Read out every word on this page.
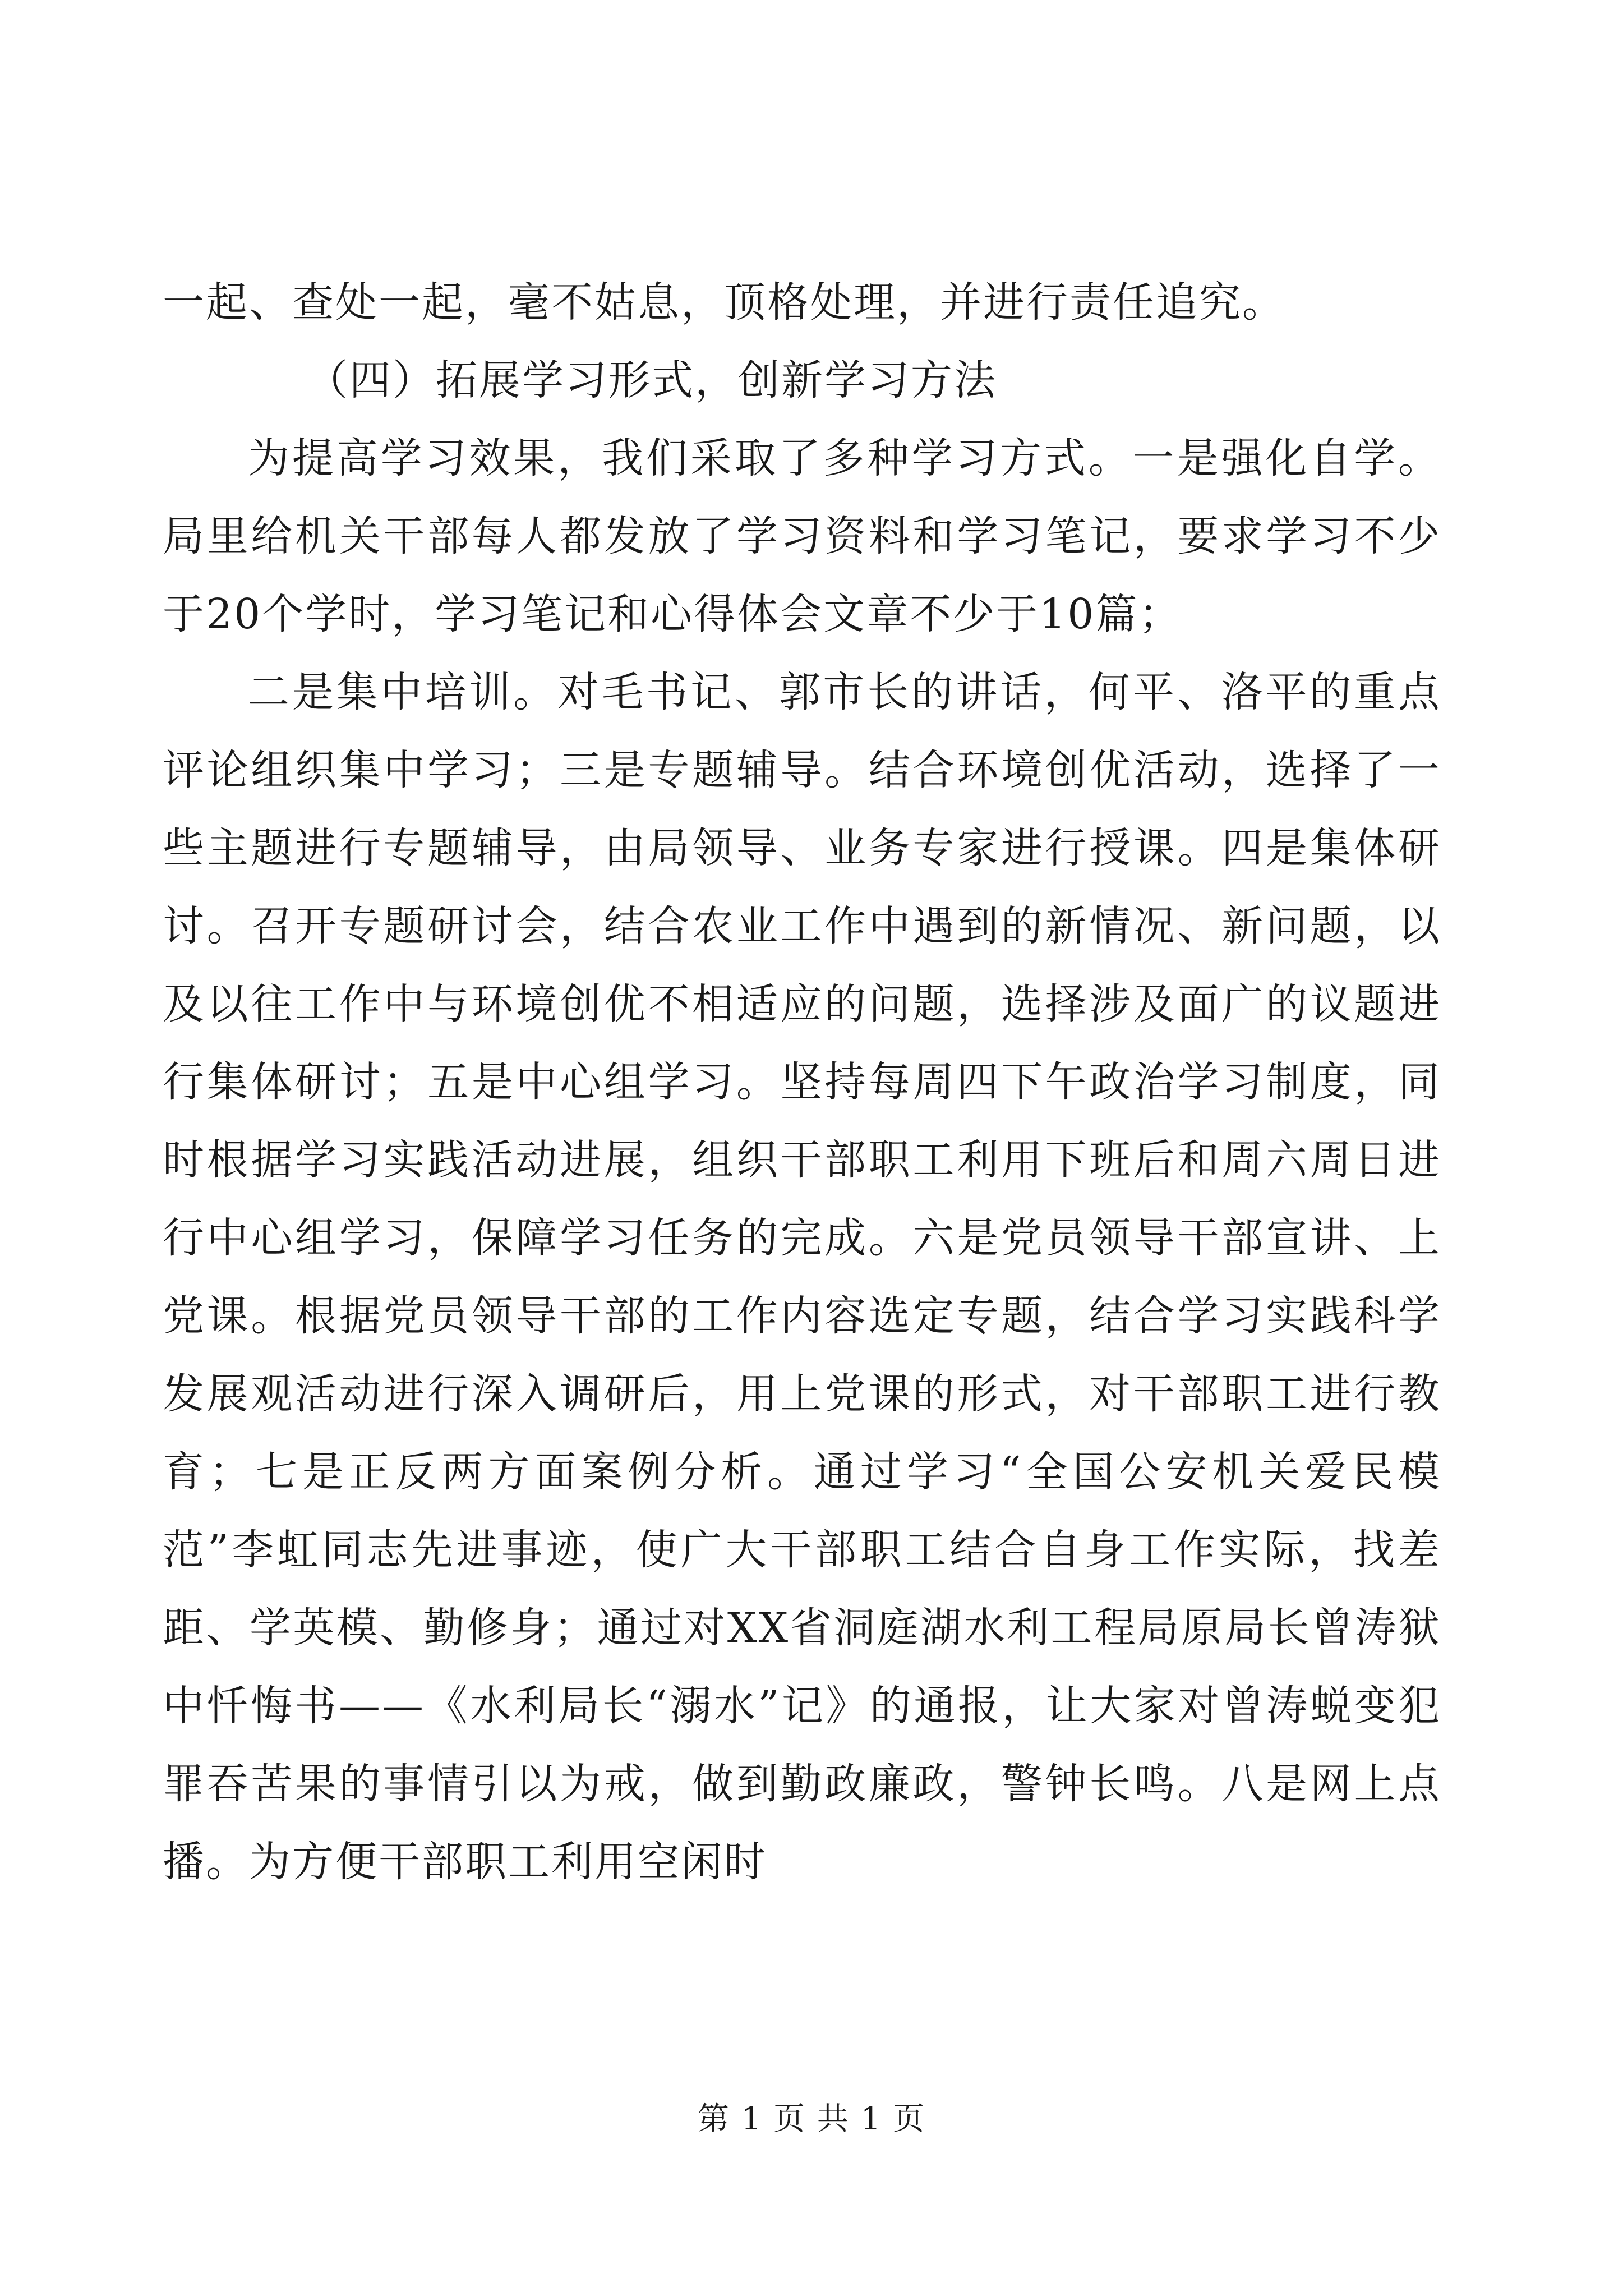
一起、查处一起，毫不姑息，顶格处理，并进行责任追究。

（四）拓展学习形式，创新学习方法

为提高学习效果，我们采取了多种学习方式。一是强化自学。局里给机关干部每人都发放了学习资料和学习笔记，要求学习不少于20个学时，学习笔记和心得体会文章不少于10篇；

二是集中培训。对毛书记、郭市长的讲话，何平、洛平的重点评论组织集中学习；三是专题辅导。结合环境创优活动，选择了一些主题进行专题辅导，由局领导、业务专家进行授课。四是集体研讨。召开专题研讨会，结合农业工作中遇到的新情况、新问题，以及以往工作中与环境创优不相适应的问题，选择涉及面广的议题进行集体研讨；五是中心组学习。坚持每周四下午政治学习制度，同时根据学习实践活动进展，组织干部职工利用下班后和周六周日进行中心组学习，保障学习任务的完成。六是党员领导干部宣讲、上党课。根据党员领导干部的工作内容选定专题，结合学习实践科学发展观活动进行深入调研后，用上党课的形式，对干部职工进行教育；七是正反两方面案例分析。通过学习“全国公安机关爱民模范”李虹同志先进事迹，使广大干部职工结合自身工作实际，找差距、学英模、勤修身；通过对XX省洞庭湖水利工程局原局长曾涛狱中忏悔书——《水利局长“溺水”记》的通报，让大家对曾涛蜕变犯罪吞苦果的事情引以为戒，做到勤政廉政，警钟长鸣。八是网上点播。为方便干部职工利用空闲时

第 1 页 共 1 页
